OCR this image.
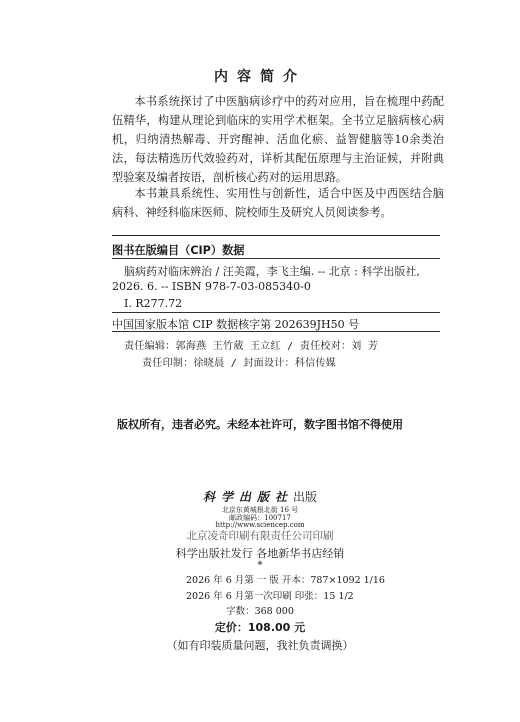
内容简介

本书系统探讨了中医脑病诊疗中的药对应用，旨在梳理中药配伍精华，构建从理论到临床的实用学术框架。全书立足脑病核心病机，归纳清热解毒、开窍醒神、活血化瘀、益智健脑等10余类治法，每法精选历代效验药对，详析其配伍原理与主治证候，并附典型验案及编者按语，剖析核心药对的运用思路。

本书兼具系统性、实用性与创新性，适合中医及中西医结合脑病科、神经科临床医师、院校师生及研究人员阅读参考。

图书在版编目（CIP）数据
脑病药对临床辨治 / 汪美霞，李飞主编. -- 北京 : 科学出版社,
2026. 6. -- ISBN 978-7-03-085340-0
Ⅰ. R277.72
中国国家版本馆 CIP 数据核字第 202639JH50 号
责任编辑：郭海燕 王竹葳 王立红 / 责任校对：刘 芳
责任印制：徐晓晨 / 封面设计：科信传媒
版权所有，违者必究。未经本社许可，数字图书馆不得使用
科学出版社出版
北京东黄城根北街 16 号
邮政编码：100717
http://www.sciencep.com
北京凌奇印刷有限责任公司印刷
科学出版社发行 各地新华书店经销
*
2026 年 6 月第 一 版 开本：787×1092 1/16
2026 年 6 月第一次印刷 印张：15 1/2
字数：368 000
定价：108.00 元
（如有印装质量问题，我社负责调换）
